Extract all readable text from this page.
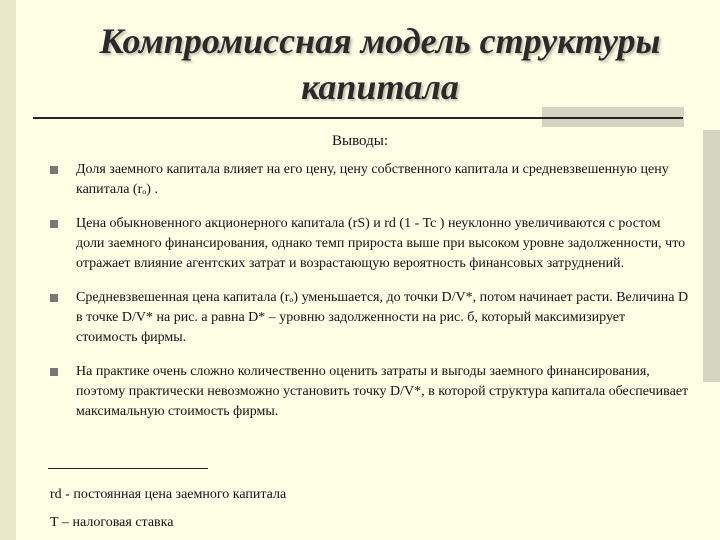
Компромиссная модель структуры
капитала
Выводы:
Доля заемного капитала влияет на его цену, цену собственного капитала и средневзвешенную цену капитала (rₒ) .
Цена обыкновенного акционерного капитала (rS) и rd (1 - Tc ) неуклонно увеличиваются с ростом доли заемного финансирования, однако темп прироста выше при высоком уровне задолженности, что отражает влияние агентских затрат и возрастающую вероятность финансовых затруднений.
Средневзвешенная цена капитала (rₒ) уменьшается, до точки D/V*, потом начинает расти. Величина D в точке D/V* на рис. а равна D* – уровню задолженности на рис. б, который максимизирует стоимость фирмы.
На практике очень сложно количественно оценить затраты и выгоды заемного финансирования, поэтому практически невозможно установить точку D/V*, в которой структура капитала обеспечивает максимальную стоимость фирмы.
rd - постоянная цена заемного капитала
Т – налоговая ставка
